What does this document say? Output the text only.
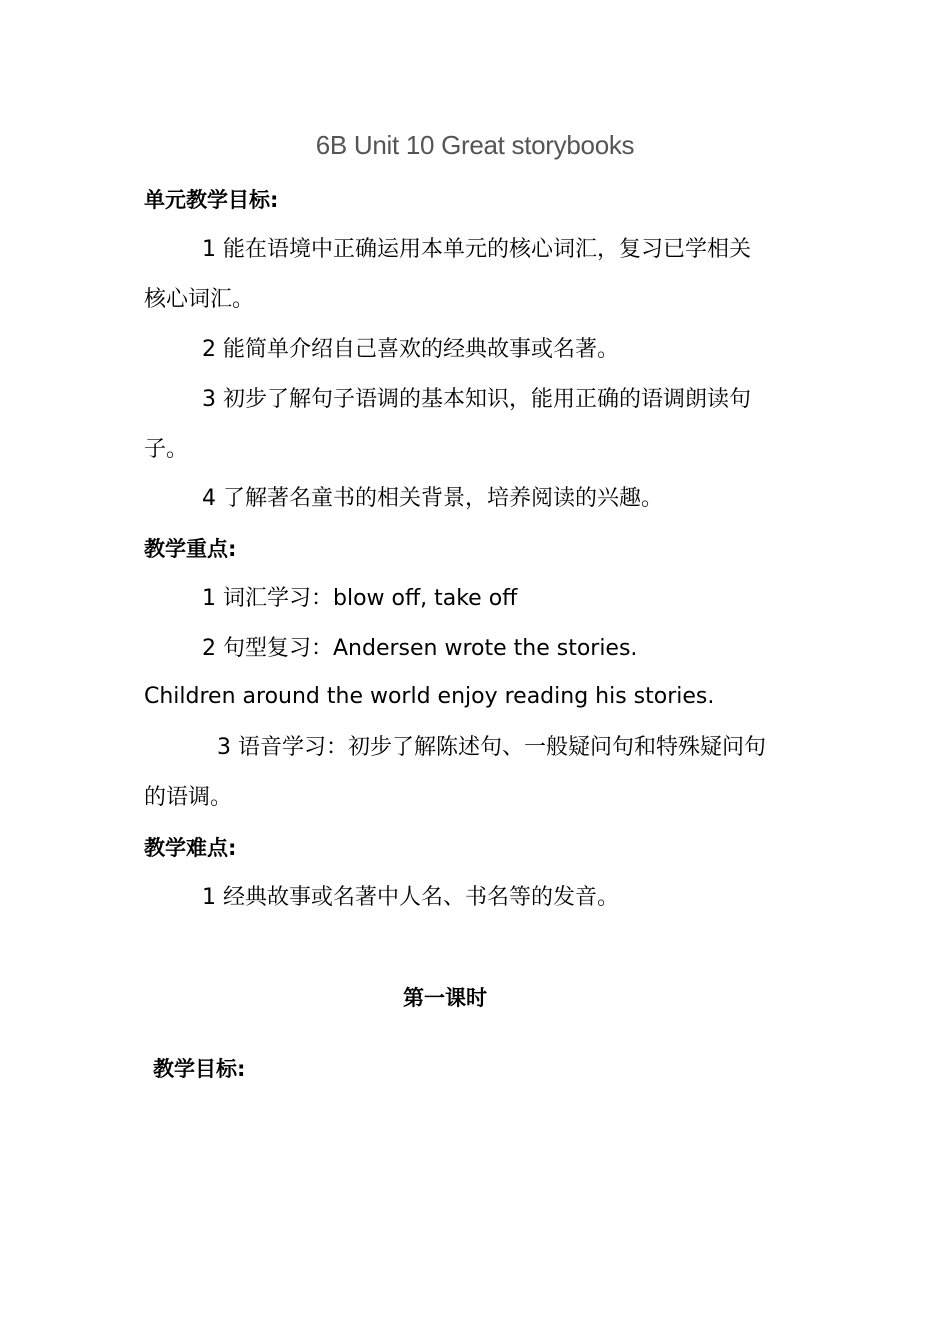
6B Unit 10 Great storybooks
单元教学目标:
1 能在语境中正确运用本单元的核心词汇，复习已学相关
核心词汇。
2 能简单介绍自己喜欢的经典故事或名著。
3 初步了解句子语调的基本知识，能用正确的语调朗读句
子。
4 了解著名童书的相关背景，培养阅读的兴趣。
教学重点:
1 词汇学习：blow off, take off
2 句型复习：Andersen wrote the stories.
Children around the world enjoy reading his stories.
3 语音学习：初步了解陈述句、一般疑问句和特殊疑问句
的语调。
教学难点:
1 经典故事或名著中人名、书名等的发音。
第一课时
教学目标:
